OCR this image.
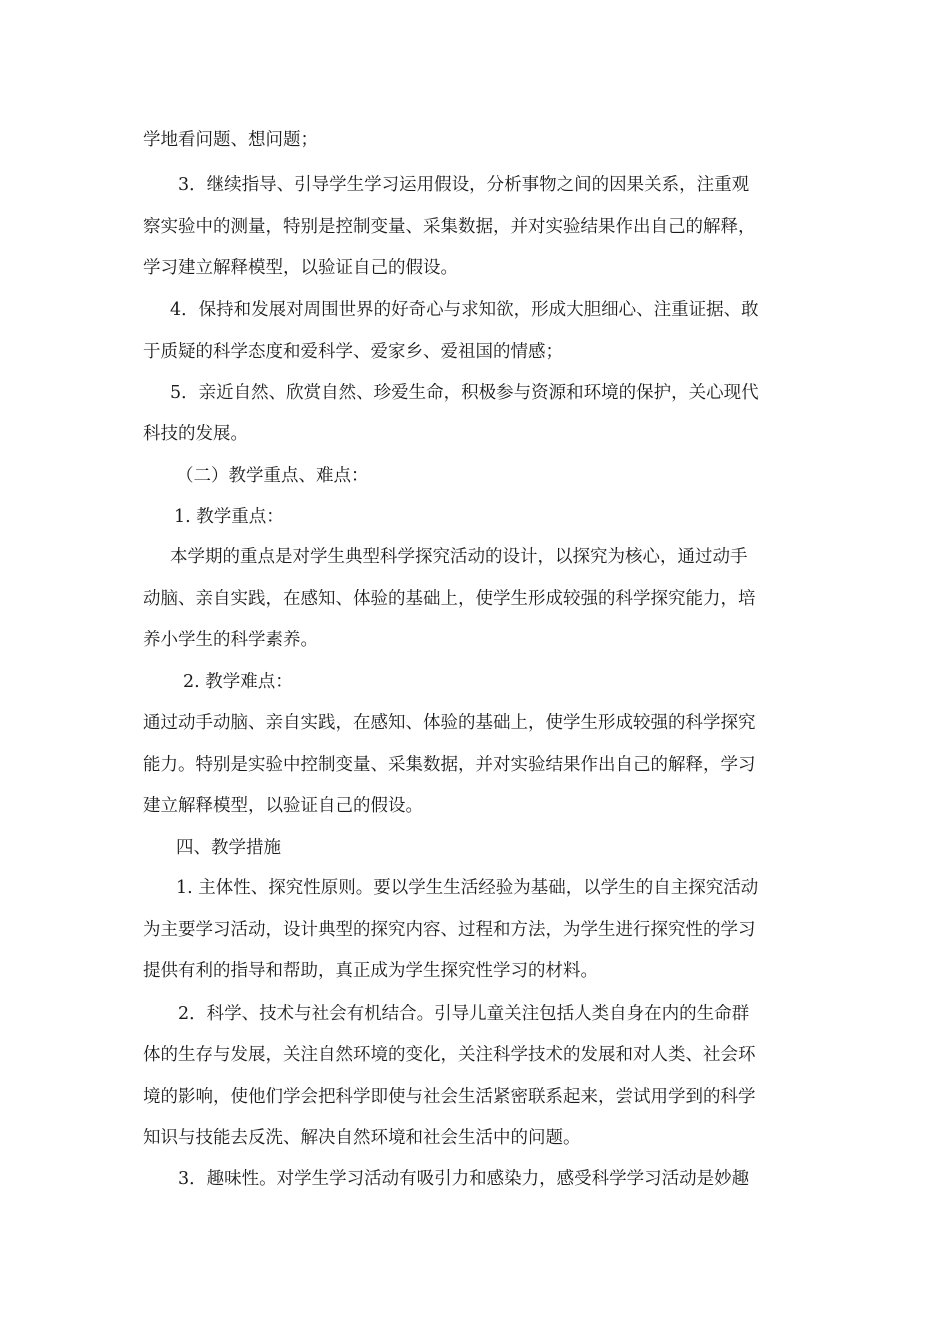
学地看问题、想问题；
3．继续指导、引导学生学习运用假设，分析事物之间的因果关系，注重观
察实验中的测量，特别是控制变量、采集数据，并对实验结果作出自己的解释，
学习建立解释模型，以验证自己的假设。
4．保持和发展对周围世界的好奇心与求知欲，形成大胆细心、注重证据、敢
于质疑的科学态度和爱科学、爱家乡、爱祖国的情感；
5．亲近自然、欣赏自然、珍爱生命，积极参与资源和环境的保护，关心现代
科技的发展。
（二）教学重点、难点：
1. 教学重点：
本学期的重点是对学生典型科学探究活动的设计，以探究为核心，通过动手
动脑、亲自实践，在感知、体验的基础上，使学生形成较强的科学探究能力，培
养小学生的科学素养。
2. 教学难点：
通过动手动脑、亲自实践，在感知、体验的基础上，使学生形成较强的科学探究
能力。特别是实验中控制变量、采集数据，并对实验结果作出自己的解释，学习
建立解释模型，以验证自己的假设。
四、教学措施
1. 主体性、探究性原则。要以学生生活经验为基础，以学生的自主探究活动
为主要学习活动，设计典型的探究内容、过程和方法，为学生进行探究性的学习
提供有利的指导和帮助，真正成为学生探究性学习的材料。
2．科学、技术与社会有机结合。引导儿童关注包括人类自身在内的生命群
体的生存与发展，关注自然环境的变化，关注科学技术的发展和对人类、社会环
境的影响，使他们学会把科学即使与社会生活紧密联系起来，尝试用学到的科学
知识与技能去反洗、解决自然环境和社会生活中的问题。
3．趣味性。对学生学习活动有吸引力和感染力，感受科学学习活动是妙趣
